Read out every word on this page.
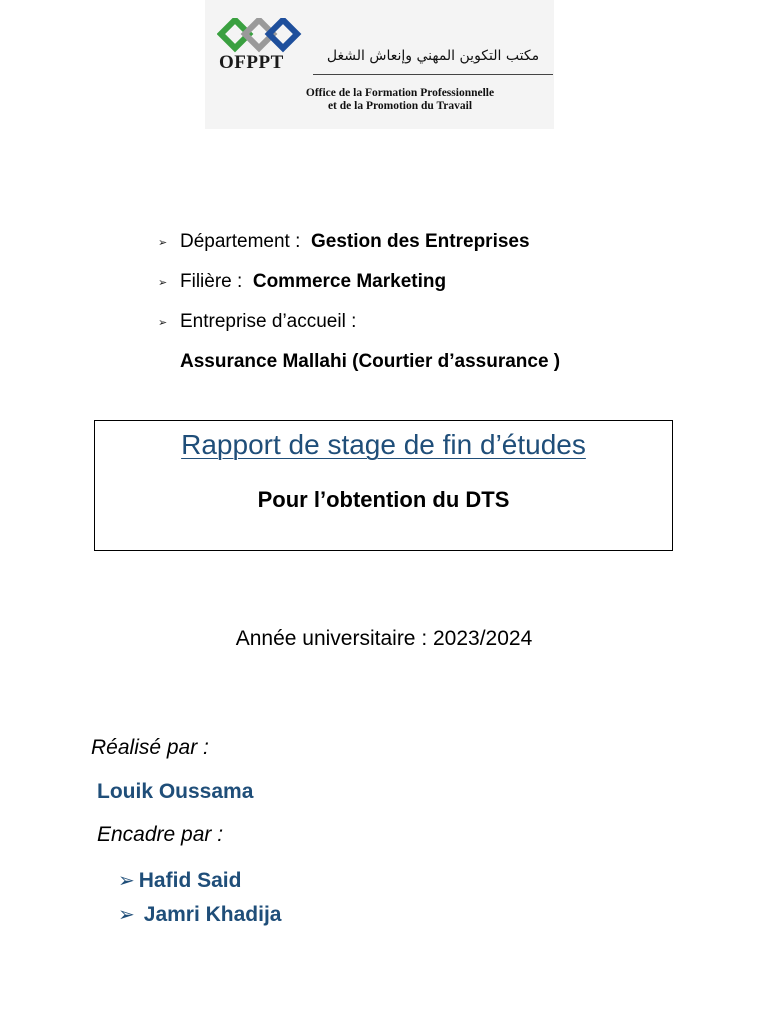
OFPPT	مكتب التكوين المهني وإنعاش الشغل
Office de la Formation Professionnelle
et de la Promotion du Travail
➢ Département :
Gestion des Entreprises
➢ Filière :
Commerce Marketing
➢ Entreprise d’accueil :
Assurance Mallahi (Courtier d’assurance )
Rapport de stage de fin d’études
Pour l’obtention du DTS
Année universitaire : 2023/2024
Réalisé par :
Louik Oussama
Encadre par :
➢ Hafid Said
➢ Jamri Khadija
